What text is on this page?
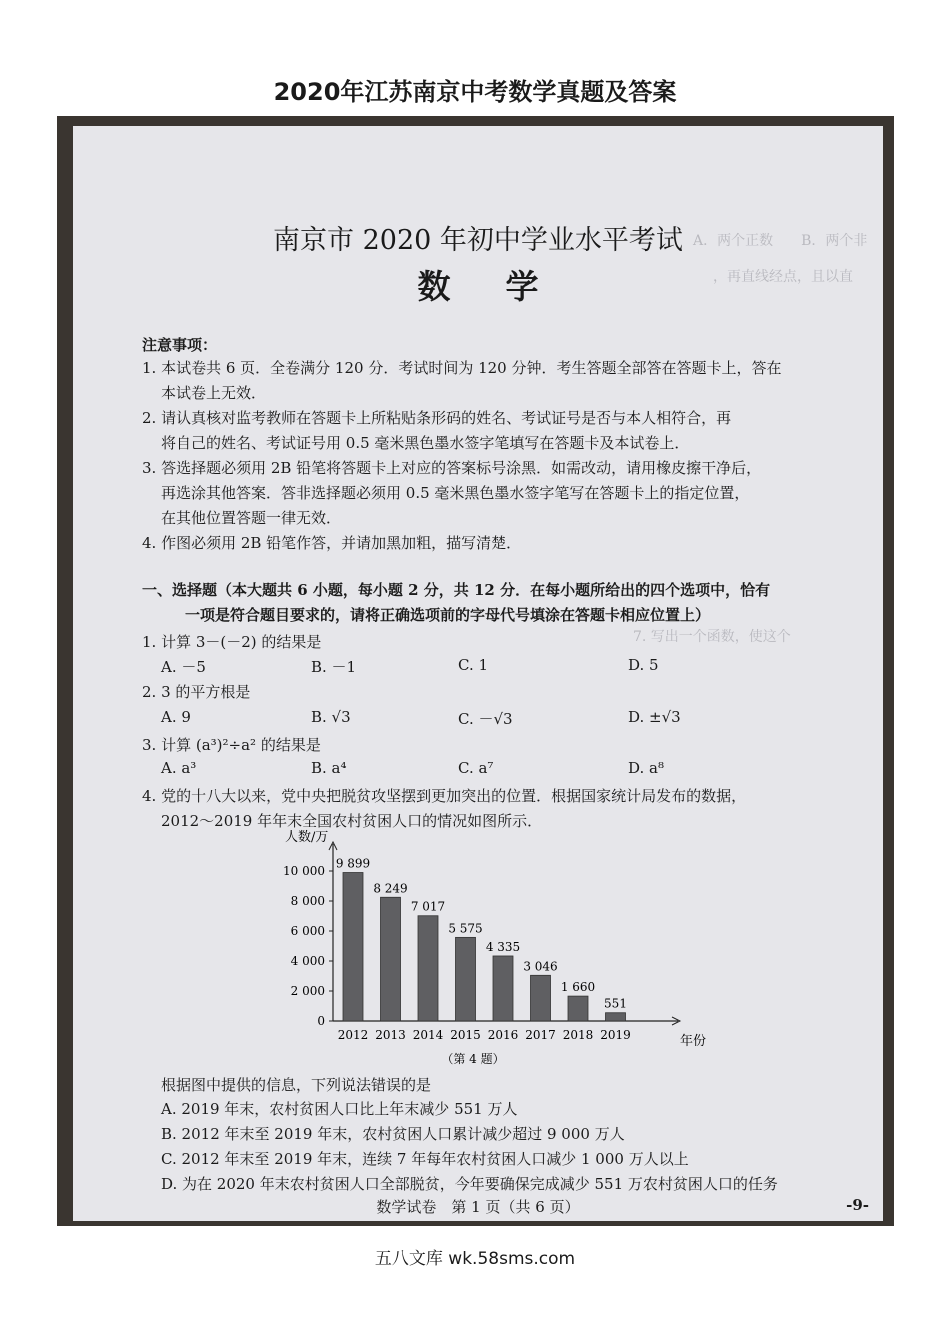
2020年江苏南京中考数学真题及答案
A．两个正数　　B．两个非
，再直线经点，且以直
7. 写出一个函数，使这个
南京市 2020 年初中学业水平考试
数学
注意事项：
1. 本试卷共 6 页．全卷满分 120 分．考试时间为 120 分钟．考生答题全部答在答题卡上，答在
本试卷上无效．
2. 请认真核对监考教师在答题卡上所粘贴条形码的姓名、考试证号是否与本人相符合，再
将自己的姓名、考试证号用 0.5 毫米黑色墨水签字笔填写在答题卡及本试卷上．
3. 答选择题必须用 2B 铅笔将答题卡上对应的答案标号涂黑．如需改动，请用橡皮擦干净后，
再选涂其他答案．答非选择题必须用 0.5 毫米黑色墨水签字笔写在答题卡上的指定位置，
在其他位置答题一律无效．
4. 作图必须用 2B 铅笔作答，并请加黑加粗，描写清楚．
一、选择题（本大题共 6 小题，每小题 2 分，共 12 分．在每小题所给出的四个选项中，恰有
一项是符合题目要求的，请将正确选项前的字母代号填涂在答题卡相应位置上）
1. 计算 3－(－2) 的结果是
A. －5	B. －1	C. 1	D. 5
2. 3 的平方根是
A. 9	B. √3	C. －√3	D. ±√3
3. 计算 (a³)²÷a² 的结果是
A. a³	B. a⁴	C. a⁷	D. a⁸
4. 党的十八大以来，党中央把脱贫攻坚摆到更加突出的位置．根据国家统计局发布的数据，
2012～2019 年年末全国农村贫困人口的情况如图所示．
人数/万
年份
0
2 000
4 000
6 000
8 000
10 000
9 899
2012
8 249
2013
7 017
2014
5 575
2015
4 335
2016
3 046
2017
1 660
2018
551
2019
（第 4 题）
根据图中提供的信息，下列说法错误的是
A. 2019 年末，农村贫困人口比上年末减少 551 万人
B. 2012 年末至 2019 年末，农村贫困人口累计减少超过 9 000 万人
C. 2012 年末至 2019 年末，连续 7 年每年农村贫困人口减少 1 000 万人以上
D. 为在 2020 年末农村贫困人口全部脱贫，今年要确保完成减少 551 万农村贫困人口的任务
数学试卷　第 1 页（共 6 页）	-9-
五八文库 wk.58sms.com
